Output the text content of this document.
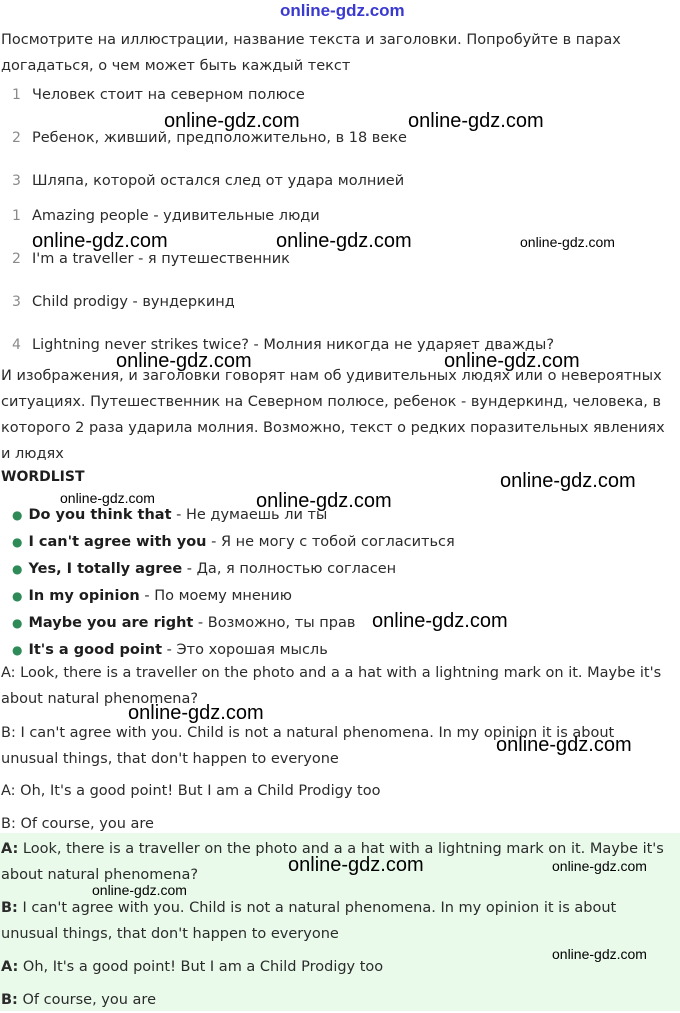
online-gdz.com
Посмотрите на иллюстрации, название текста и заголовки. Попробуйте в парах догадаться, о чем может быть каждый текст
1 Человек стоит на северном полюсе
2 Ребенок, живший, предположительно, в 18 веке
3 Шляпа, которой остался след от удара молнией
1 Amazing people - удивительные люди
2 I'm a traveller - я путешественник
3 Child prodigy - вундеркинд
4 Lightning never strikes twice? - Молния никогда не ударяет дважды?
И изображения, и заголовки говорят нам об удивительных людях или о невероятных ситуациях. Путешественник на Северном полюсе, ребенок - вундеркинд, человека, в которого 2 раза ударила молния. Возможно, текст о редких поразительных явлениях и людях
WORDLIST
● Do you think that - Не думаешь ли ты
● I can't agree with you - Я не могу с тобой согласиться
● Yes, I totally agree - Да, я полностью согласен
● In my opinion - По моему мнению
● Maybe you are right - Возможно, ты прав
● It's a good point - Это хорошая мысль
A: Look, there is a traveller on the photo and a a hat with a lightning mark on it. Maybe it's about natural phenomena?
B: I can't agree with you. Child is not a natural phenomena. In my opinion it is about unusual things, that don't happen to everyone
A: Oh, It's a good point! But I am a Child Prodigy too
B: Of course, you are
A: Look, there is a traveller on the photo and a a hat with a lightning mark on it. Maybe it's about natural phenomena?
B: I can't agree with you. Child is not a natural phenomena. In my opinion it is about unusual things, that don't happen to everyone
A: Oh, It's a good point! But I am a Child Prodigy too
B: Of course, you are
online-gdz.com	online-gdz.com
online-gdz.com	online-gdz.com	online-gdz.com
online-gdz.com	online-gdz.com
online-gdz.com
online-gdz.com	online-gdz.com
online-gdz.com
online-gdz.com
online-gdz.com
online-gdz.com	online-gdz.com
online-gdz.com
online-gdz.com
